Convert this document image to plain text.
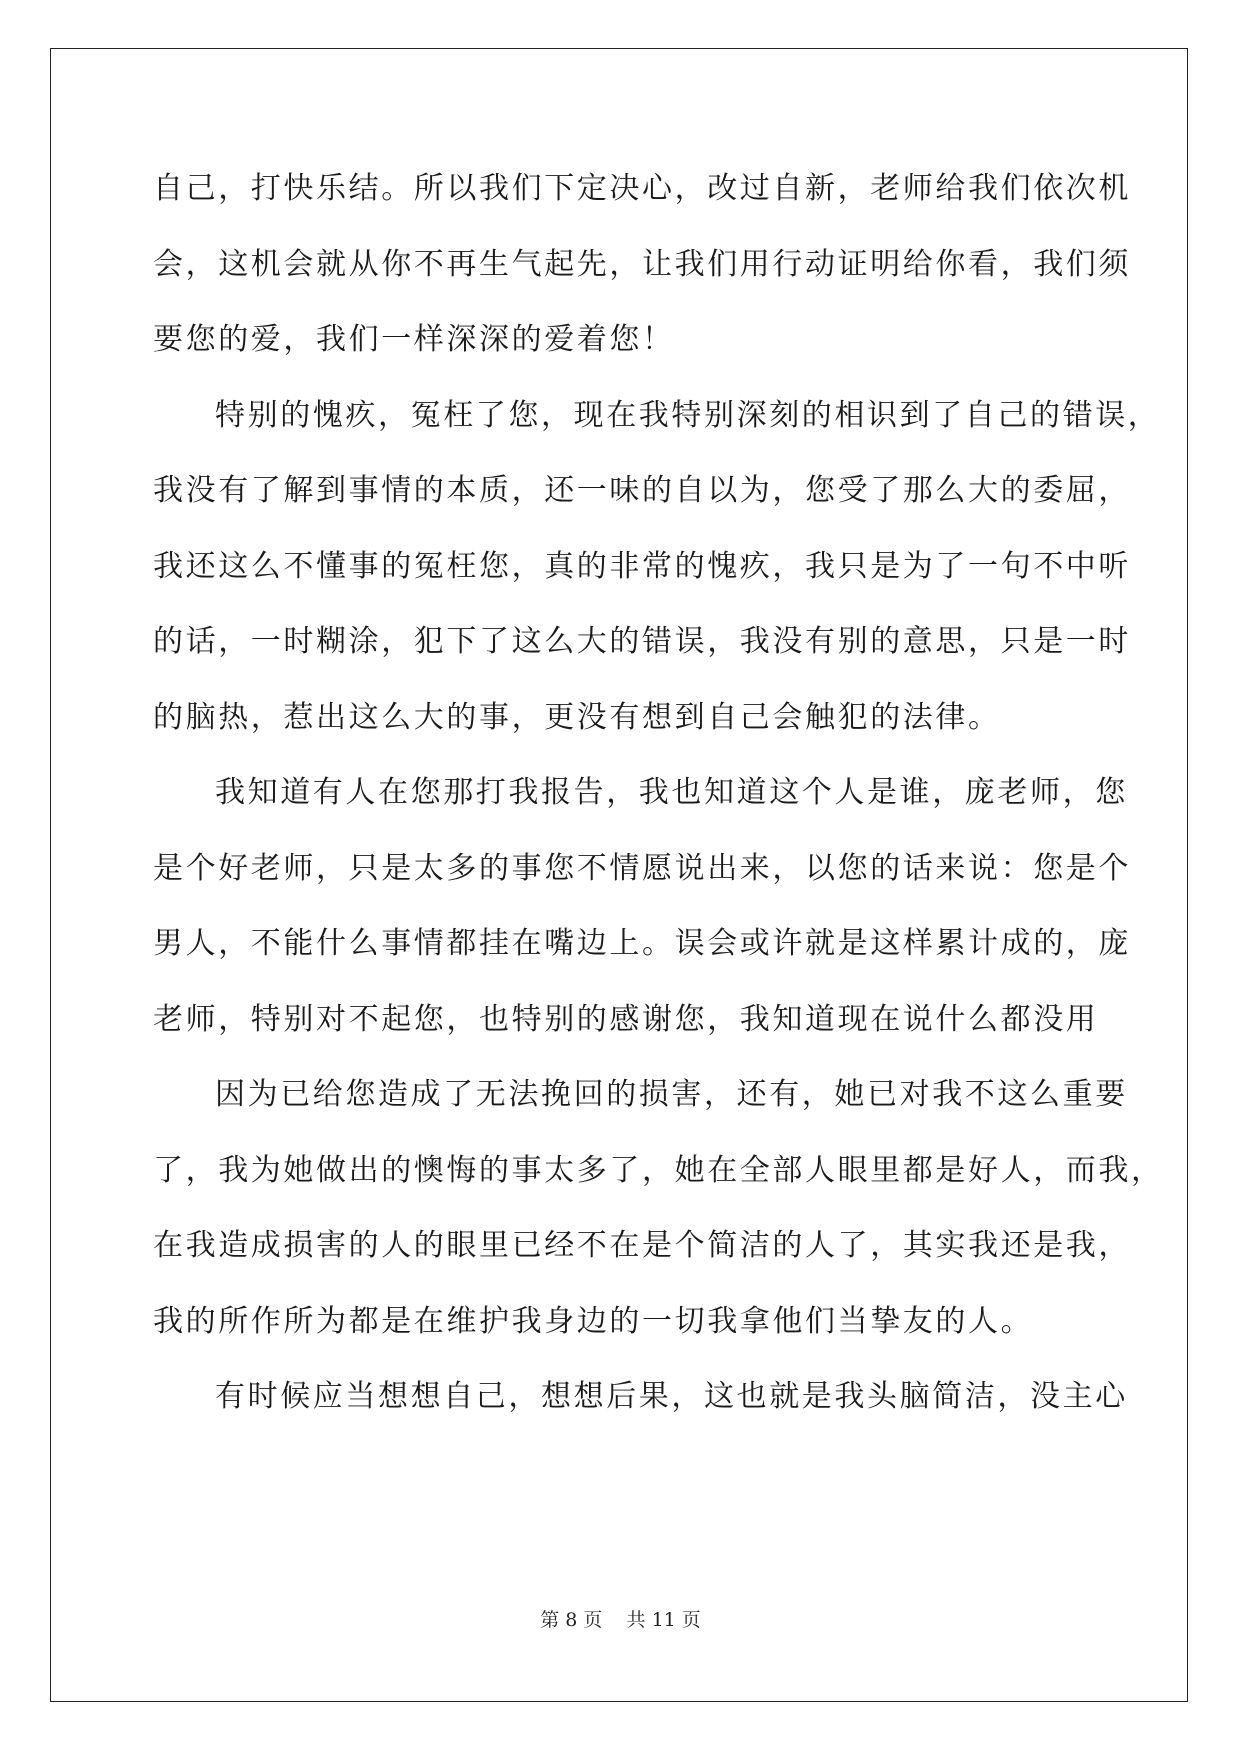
自己，打快乐结。所以我们下定决心，改过自新，老师给我们依次机
会，这机会就从你不再生气起先，让我们用行动证明给你看，我们须
要您的爱，我们一样深深的爱着您！
特别的愧疚，冤枉了您，现在我特别深刻的相识到了自己的错误，
我没有了解到事情的本质，还一味的自以为，您受了那么大的委屈，
我还这么不懂事的冤枉您，真的非常的愧疚，我只是为了一句不中听
的话，一时糊涂，犯下了这么大的错误，我没有别的意思，只是一时
的脑热，惹出这么大的事，更没有想到自己会触犯的法律。
我知道有人在您那打我报告，我也知道这个人是谁，庞老师，您
是个好老师，只是太多的事您不情愿说出来，以您的话来说：您是个
男人，不能什么事情都挂在嘴边上。误会或许就是这样累计成的，庞
老师，特别对不起您，也特别的感谢您，我知道现在说什么都没用
因为已给您造成了无法挽回的损害，还有，她已对我不这么重要
了，我为她做出的懊悔的事太多了，她在全部人眼里都是好人，而我，
在我造成损害的人的眼里已经不在是个简洁的人了，其实我还是我，
我的所作所为都是在维护我身边的一切我拿他们当挚友的人。
有时候应当想想自己，想想后果，这也就是我头脑简洁，没主心
第 8 页    共 11 页
